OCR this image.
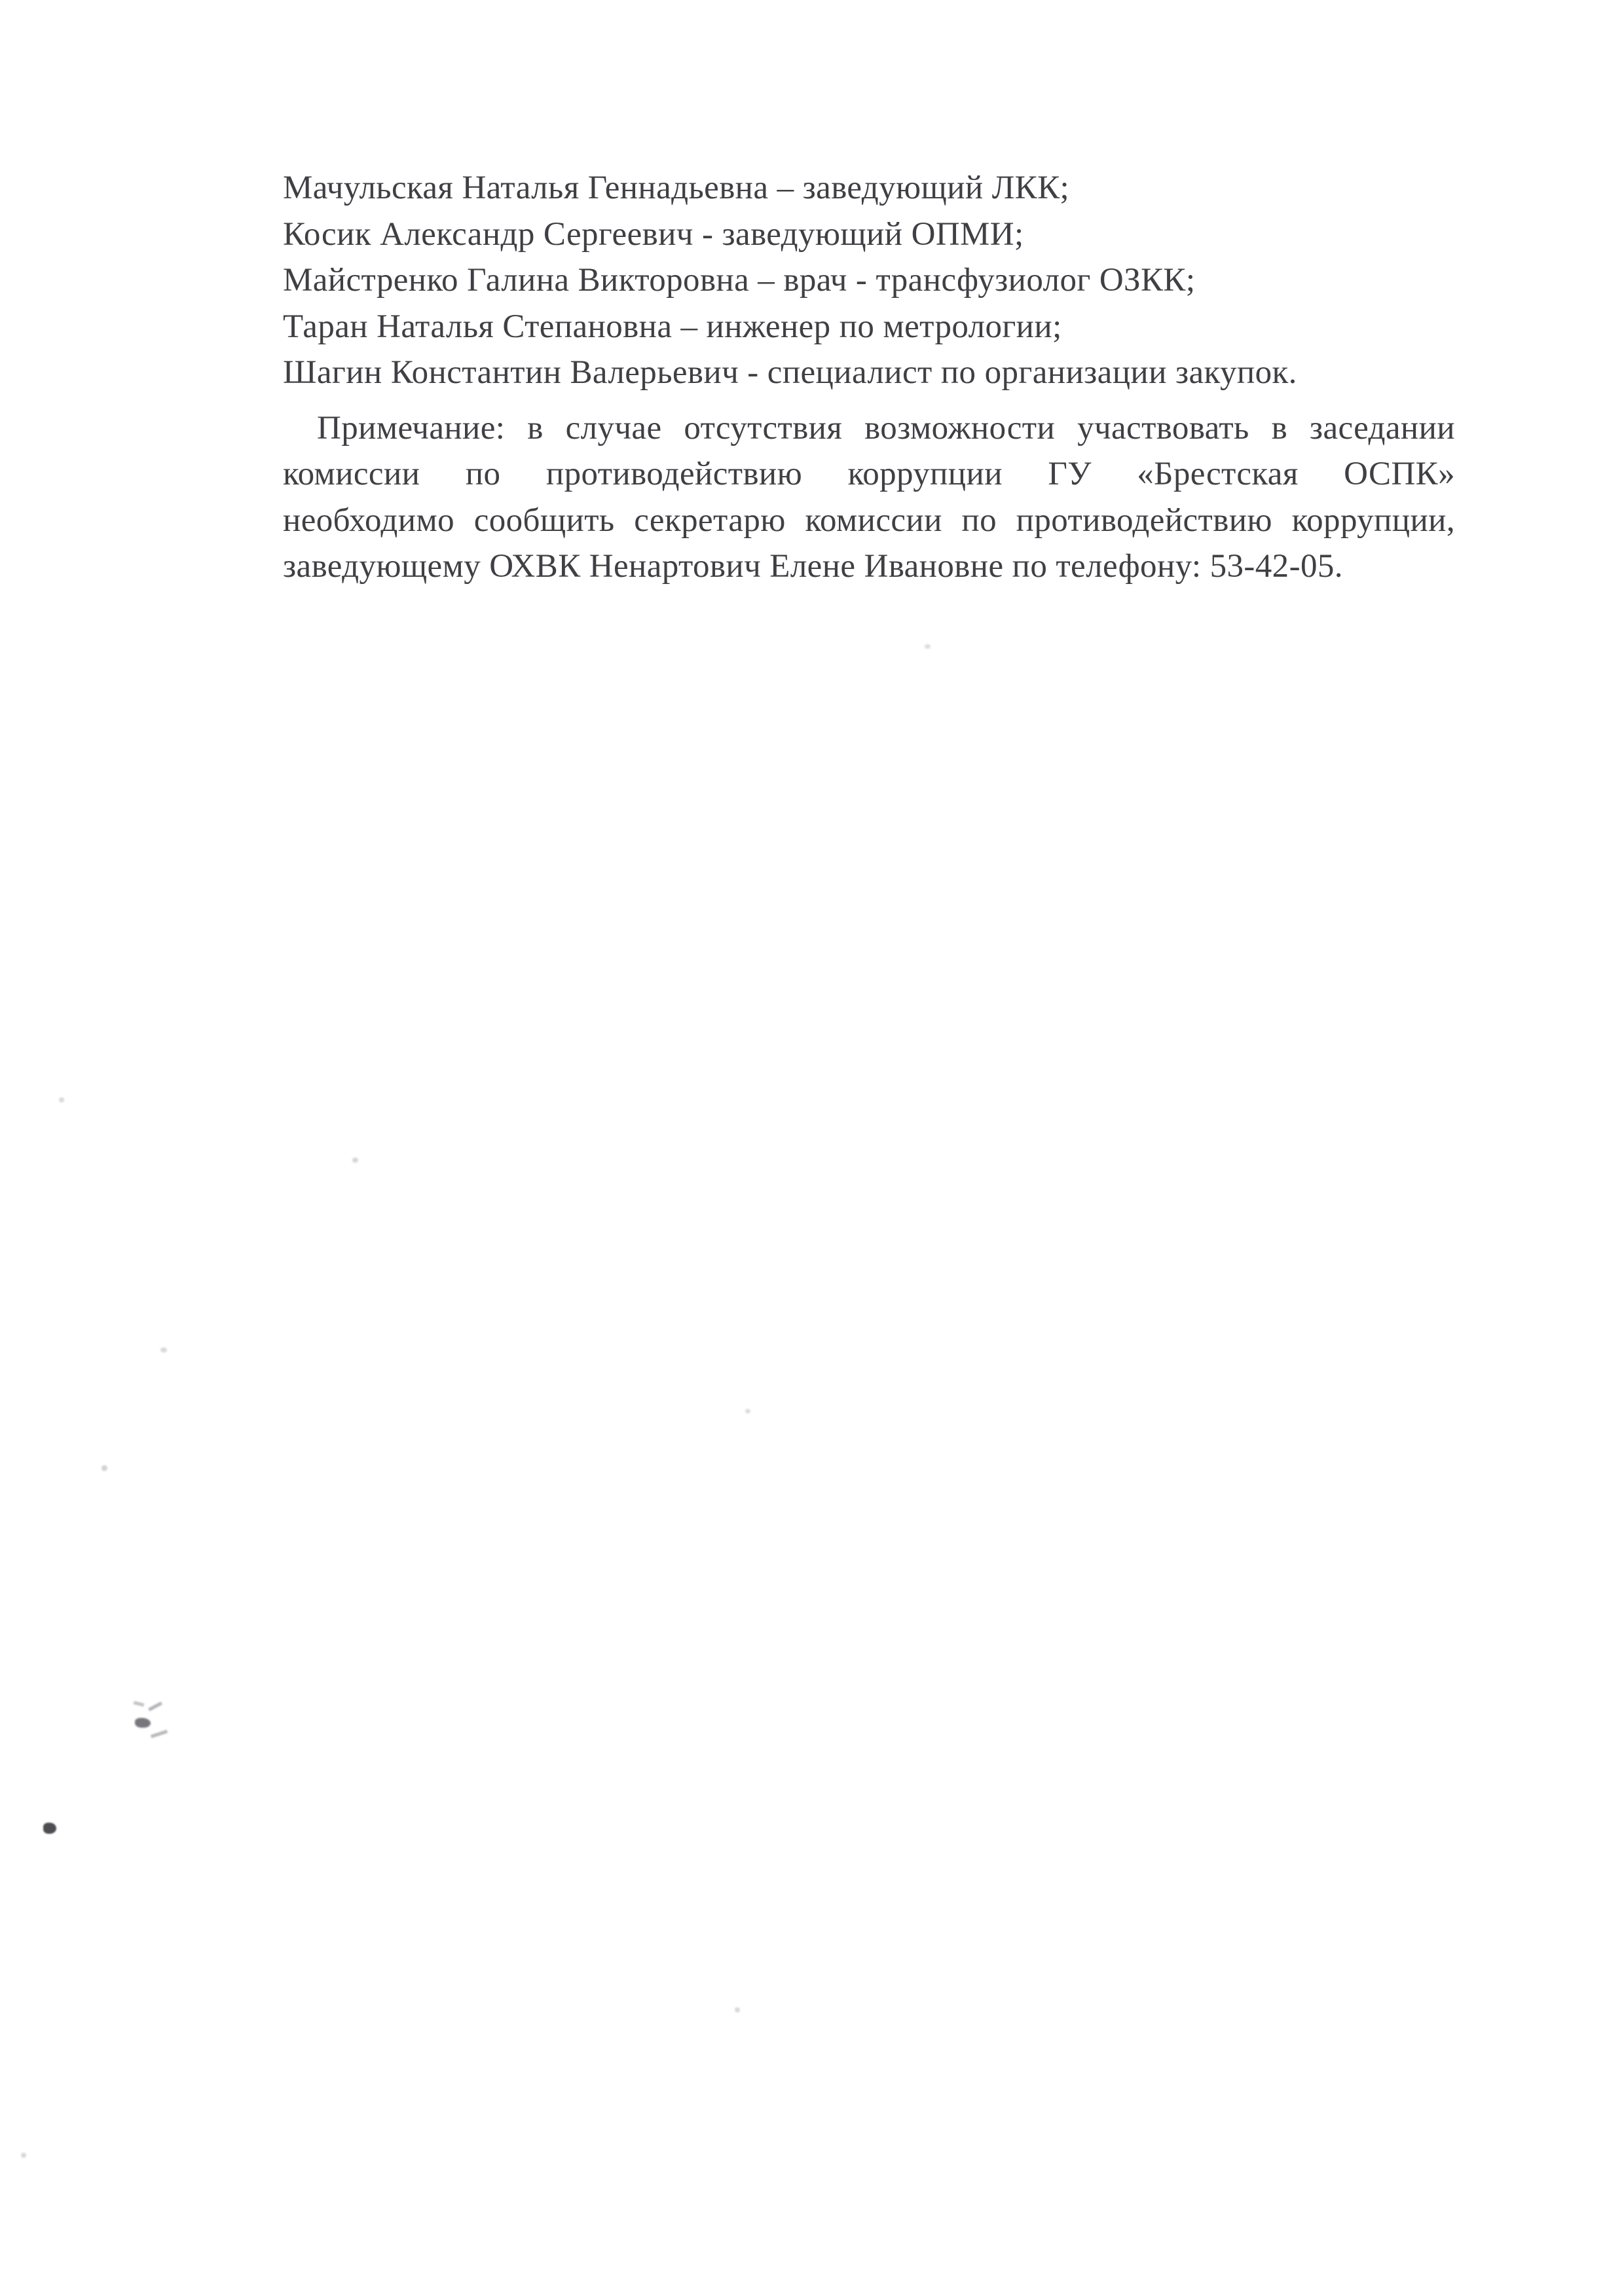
Мачульская Наталья Геннадьевна – заведующий ЛКК;
Косик Александр Сергеевич - заведующий ОПМИ;
Майстренко Галина Викторовна – врач - трансфузиолог ОЗКК;
Таран Наталья Степановна – инженер по метрологии;
Шагин Константин Валерьевич - специалист по организации закупок.
Примечание: в случае отсутствия возможности участвовать в заседании
комиссии по противодействию коррупции ГУ «Брестская ОСПК»
необходимо сообщить секретарю комиссии по противодействию коррупции,
заведующему ОХВК Ненартович Елене Ивановне по телефону: 53-42-05.
